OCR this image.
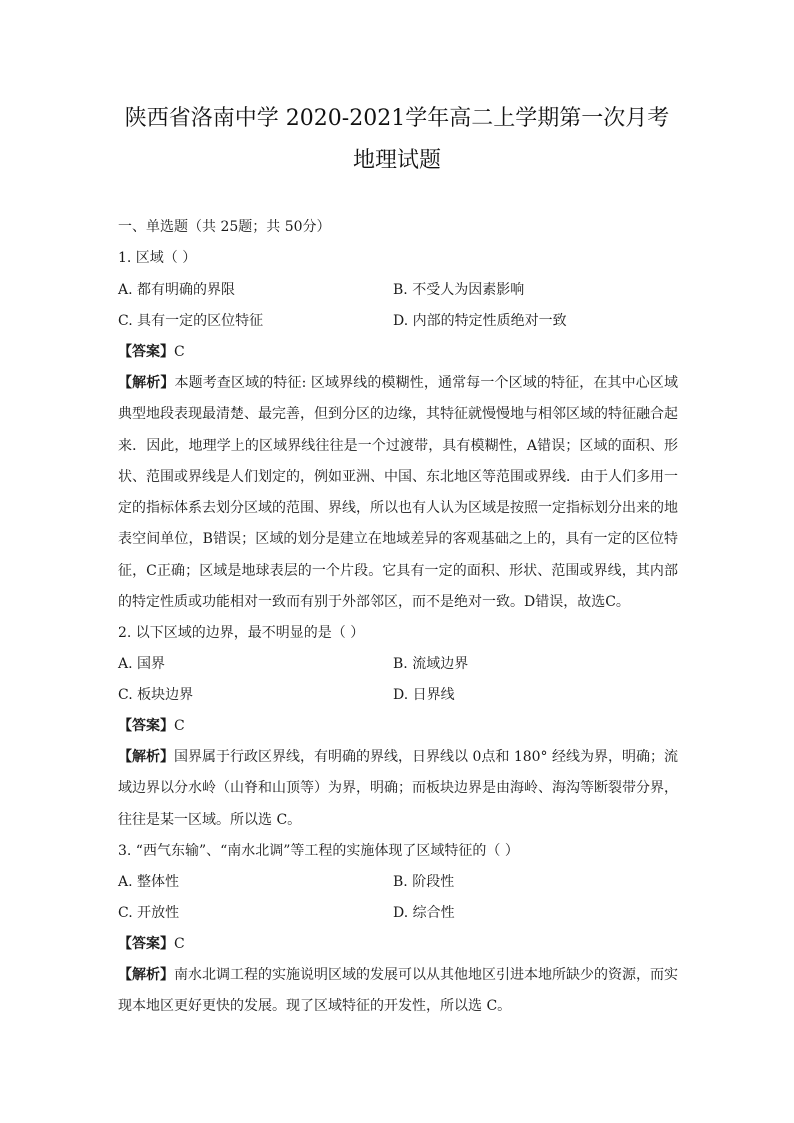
陕西省洛南中学 2020-2021学年高二上学期第一次月考
地理试题
一、单选题（共 25题；共 50分）
1. 区域（ ）
A. 都有明确的界限	B. 不受人为因素影响
C. 具有一定的区位特征	D. 内部的特定性质绝对一致
【答案】C
【解析】本题考查区域的特征: 区域界线的模糊性，通常每一个区域的特征，在其中心区域典型地段表现最清楚、最完善，但到分区的边缘，其特征就慢慢地与相邻区域的特征融合起来．因此，地理学上的区域界线往往是一个过渡带，具有模糊性，A错误；区域的面积、形状、范围或界线是人们划定的，例如亚洲、中国、东北地区等范围或界线．由于人们多用一定的指标体系去划分区域的范围、界线，所以也有人认为区域是按照一定指标划分出来的地表空间单位，B错误；区域的划分是建立在地域差异的客观基础之上的，具有一定的区位特征，C正确；区域是地球表层的一个片段。它具有一定的面积、形状、范围或界线，其内部的特定性质或功能相对一致而有别于外部邻区，而不是绝对一致。D错误，故选C。
2. 以下区域的边界，最不明显的是（ ）
A. 国界	B. 流域边界
C. 板块边界	D. 日界线
【答案】C
【解析】国界属于行政区界线，有明确的界线，日界线以 0点和 180° 经线为界，明确；流域边界以分水岭（山脊和山顶等）为界，明确；而板块边界是由海岭、海沟等断裂带分界，往往是某一区域。所以选 C。
3. “西气东输”、“南水北调”等工程的实施体现了区域特征的（ ）
A. 整体性	B. 阶段性
C. 开放性	D. 综合性
【答案】C
【解析】南水北调工程的实施说明区域的发展可以从其他地区引进本地所缺少的资源，而实现本地区更好更快的发展。现了区域特征的开发性，所以选 C。
